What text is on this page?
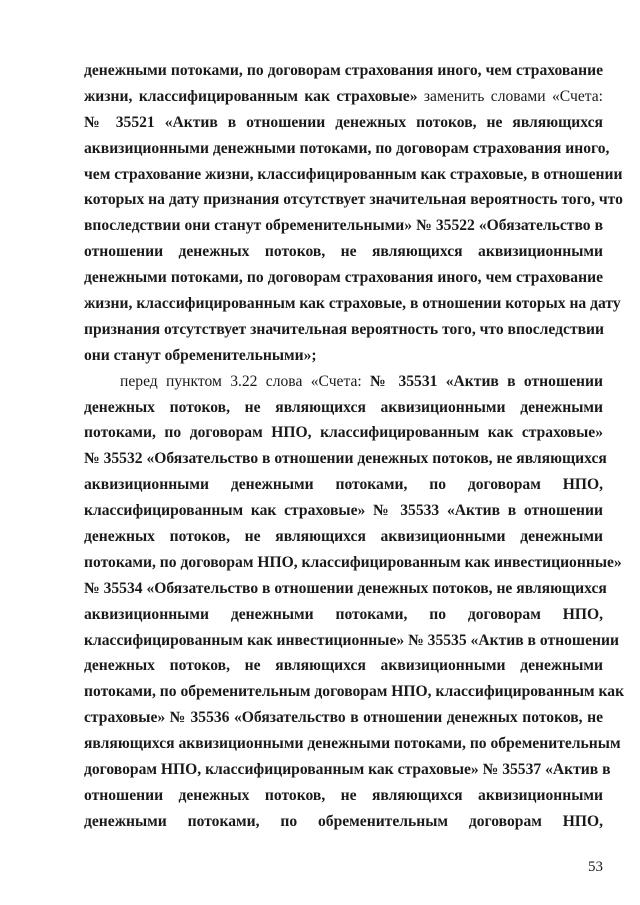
денежными потоками, по договорам страхования иного, чем страхование
жизни, классифицированным как страховые» заменить словами «Счета:
№ 35521 «Актив в отношении денежных потоков, не являющихся
аквизиционными денежными потоками, по договорам страхования иного,
чем страхование жизни, классифицированным как страховые, в отношении
которых на дату признания отсутствует значительная вероятность того, что
впоследствии они станут обременительными» № 35522 «Обязательство в
отношении денежных потоков, не являющихся аквизиционными
денежными потоками, по договорам страхования иного, чем страхование
жизни, классифицированным как страховые, в отношении которых на дату
признания отсутствует значительная вероятность того, что впоследствии
они станут обременительными»;
перед пунктом 3.22 слова «Счета: № 35531 «Актив в отношении
денежных потоков, не являющихся аквизиционными денежными
потоками, по договорам НПО, классифицированным как страховые»
№ 35532 «Обязательство в отношении денежных потоков, не являющихся
аквизиционными денежными потоками, по договорам НПО,
классифицированным как страховые» № 35533 «Актив в отношении
денежных потоков, не являющихся аквизиционными денежными
потоками, по договорам НПО, классифицированным как инвестиционные»
№ 35534 «Обязательство в отношении денежных потоков, не являющихся
аквизиционными денежными потоками, по договорам НПО,
классифицированным как инвестиционные» № 35535 «Актив в отношении
денежных потоков, не являющихся аквизиционными денежными
потоками, по обременительным договорам НПО, классифицированным как
страховые» № 35536 «Обязательство в отношении денежных потоков, не
являющихся аквизиционными денежными потоками, по обременительным
договорам НПО, классифицированным как страховые» № 35537 «Актив в
отношении денежных потоков, не являющихся аквизиционными
денежными потоками, по обременительным договорам НПО,
53
